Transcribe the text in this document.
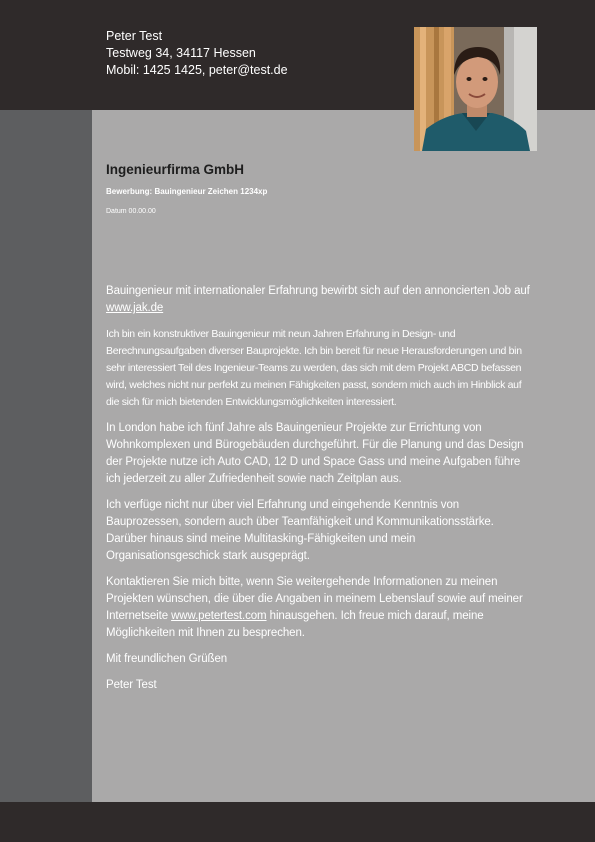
Peter Test
Testweg 34, 34117 Hessen
Mobil: 1425 1425, peter@test.de
Ingenieurfirma GmbH
Bewerbung: Bauingenieur Zeichen 1234xp
Datum 00.00.00

Bauingenieur mit internationaler Erfahrung bewirbt sich auf den annoncierten Job auf www.jak.de

Ich bin ein konstruktiver Bauingenieur mit neun Jahren Erfahrung in Design- und Berechnungsaufgaben diverser Bauprojekte. Ich bin bereit für neue Herausforderungen und bin sehr interessiert Teil des Ingenieur-Teams zu werden, das sich mit dem Projekt ABCD befassen wird, welches nicht nur perfekt zu meinen Fähigkeiten passt, sondern mich auch im Hinblick auf die sich für mich bietenden Entwicklungsmöglichkeiten interessiert.

In London habe ich fünf Jahre als Bauingenieur Projekte zur Errichtung von Wohnkomplexen und Bürogebäuden durchgeführt. Für die Planung und das Design der Projekte nutze ich Auto CAD, 12 D und Space Gass und meine Aufgaben führe ich jederzeit zu aller Zufriedenheit sowie nach Zeitplan aus.

Ich verfüge nicht nur über viel Erfahrung und eingehende Kenntnis von Bauprozessen, sondern auch über Teamfähigkeit und Kommunikationsstärke. Darüber hinaus sind meine Multitasking-Fähigkeiten und mein Organisationsgeschick stark ausgeprägt.

Kontaktieren Sie mich bitte, wenn Sie weitergehende Informationen zu meinen Projekten wünschen, die über die Angaben in meinem Lebenslauf sowie auf meiner Internetseite www.petertest.com hinausgehen. Ich freue mich darauf, meine Möglichkeiten mit Ihnen zu besprechen.

Mit freundlichen Grüßen

Peter Test
